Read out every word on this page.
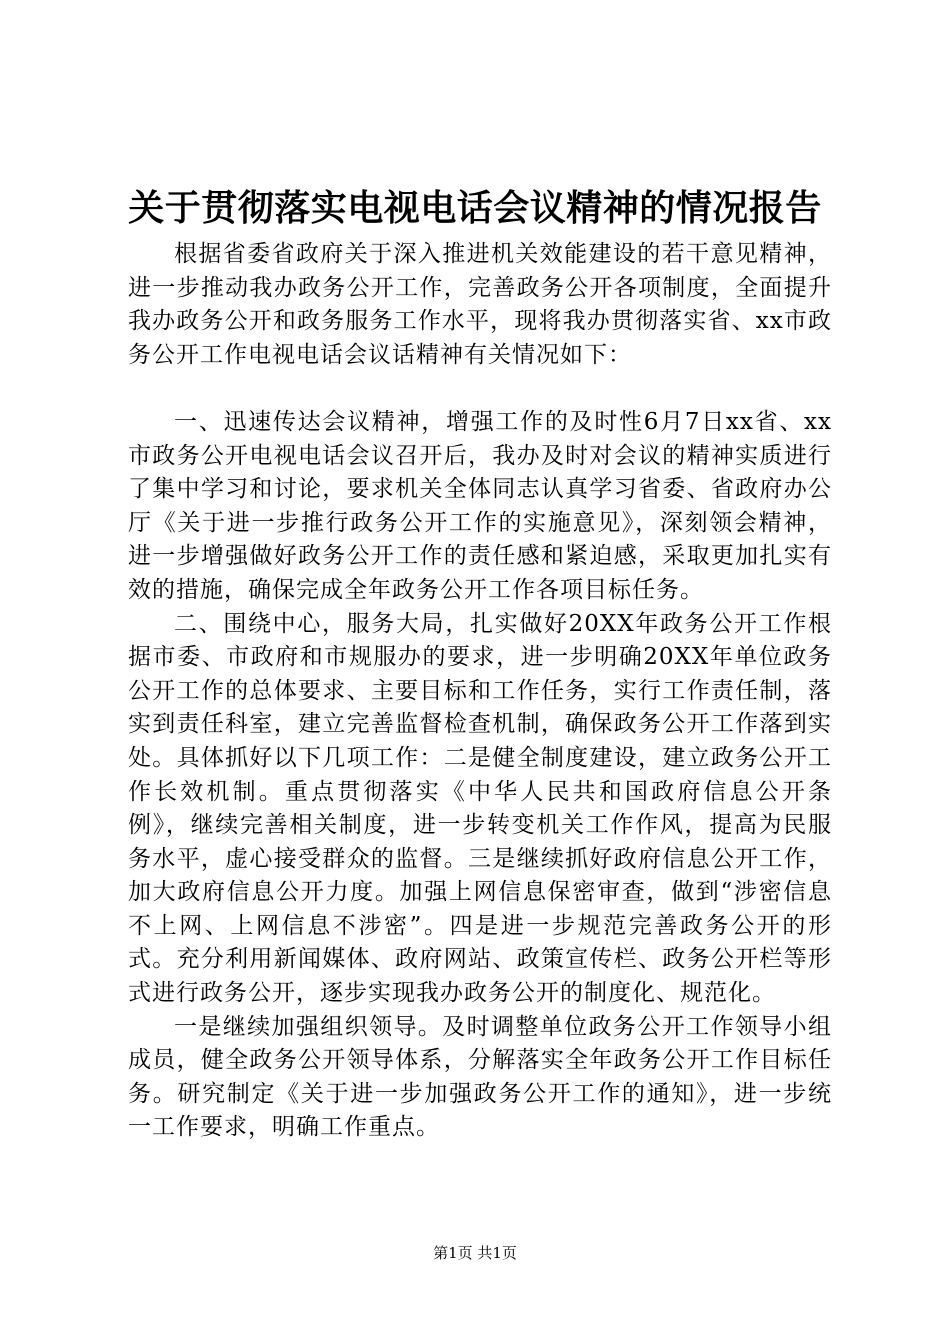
关于贯彻落实电视电话会议精神的情况报告

根据省委省政府关于深入推进机关效能建设的若干意见精神，进一步推动我办政务公开工作，完善政务公开各项制度，全面提升我办政务公开和政务服务工作水平，现将我办贯彻落实省、xx市政务公开工作电视电话会议话精神有关情况如下：

一、迅速传达会议精神，增强工作的及时性6月7日xx省、xx市政务公开电视电话会议召开后，我办及时对会议的精神实质进行了集中学习和讨论，要求机关全体同志认真学习省委、省政府办公厅《关于进一步推行政务公开工作的实施意见》，深刻领会精神，进一步增强做好政务公开工作的责任感和紧迫感，采取更加扎实有效的措施，确保完成全年政务公开工作各项目标任务。

二、围绕中心，服务大局，扎实做好20XX年政务公开工作根据市委、市政府和市规服办的要求，进一步明确20XX年单位政务公开工作的总体要求、主要目标和工作任务，实行工作责任制，落实到责任科室，建立完善监督检查机制，确保政务公开工作落到实处。具体抓好以下几项工作：二是健全制度建设，建立政务公开工作长效机制。重点贯彻落实《中华人民共和国政府信息公开条例》，继续完善相关制度，进一步转变机关工作作风，提高为民服务水平，虚心接受群众的监督。三是继续抓好政府信息公开工作，加大政府信息公开力度。加强上网信息保密审查，做到“涉密信息不上网、上网信息不涉密”。四是进一步规范完善政务公开的形式。充分利用新闻媒体、政府网站、政策宣传栏、政务公开栏等形式进行政务公开，逐步实现我办政务公开的制度化、规范化。

一是继续加强组织领导。及时调整单位政务公开工作领导小组成员，健全政务公开领导体系，分解落实全年政务公开工作目标任务。研究制定《关于进一步加强政务公开工作的通知》，进一步统一工作要求，明确工作重点。

第1页 共1页
